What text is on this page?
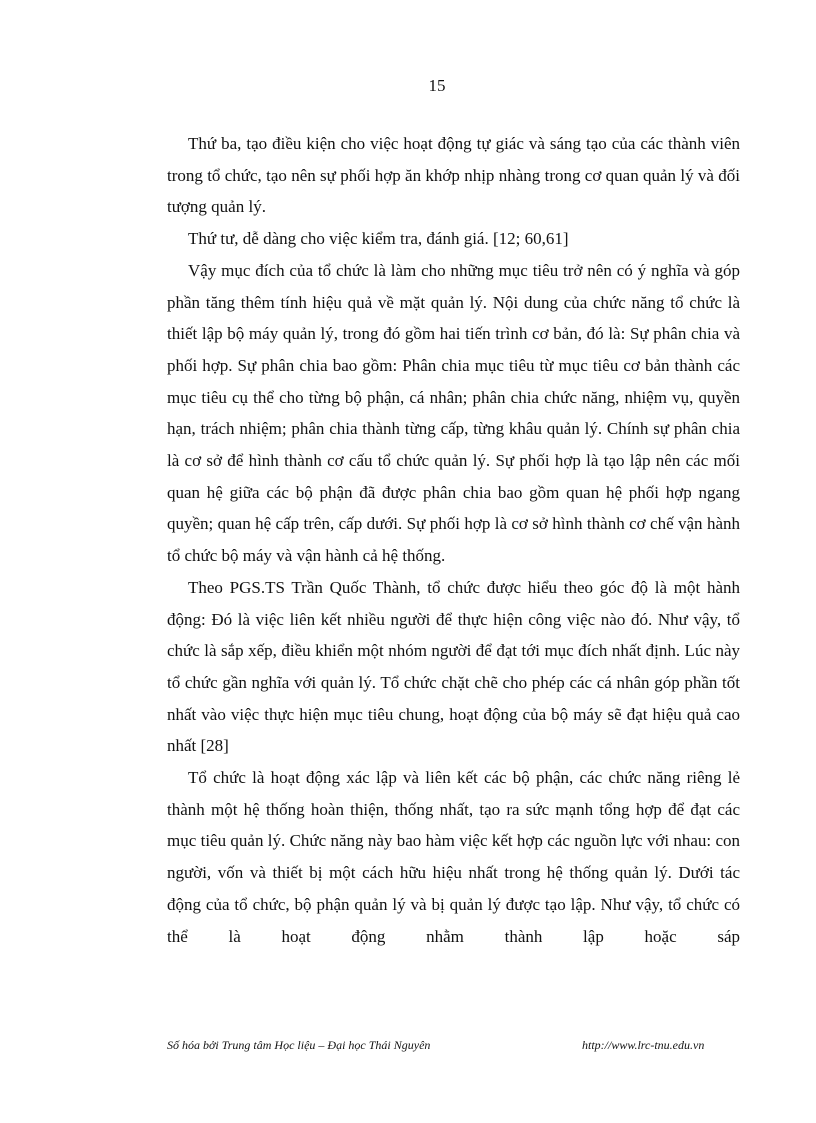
15

Thứ ba, tạo điều kiện cho việc hoạt động tự giác và sáng tạo của các thành viên trong tổ chức, tạo nên sự phối hợp ăn khớp nhịp nhàng trong cơ quan quản lý và đối tượng quản lý.

Thứ tư, dễ dàng cho việc kiểm tra, đánh giá. [12; 60,61]

Vậy mục đích của tổ chức là làm cho những mục tiêu trở nên có ý nghĩa và góp phần tăng thêm tính hiệu quả về mặt quản lý. Nội dung của chức năng tổ chức là thiết lập bộ máy quản lý, trong đó gồm hai tiến trình cơ bản, đó là: Sự phân chia và phối hợp. Sự phân chia bao gồm: Phân chia mục tiêu từ mục tiêu cơ bản thành các mục tiêu cụ thể cho từng bộ phận, cá nhân; phân chia chức năng, nhiệm vụ, quyền hạn, trách nhiệm; phân chia thành từng cấp, từng khâu quản lý. Chính sự phân chia là cơ sở để hình thành cơ cấu tổ chức quản lý. Sự phối hợp là tạo lập nên các mối quan hệ giữa các bộ phận đã được phân chia bao gồm quan hệ phối hợp ngang quyền; quan hệ cấp trên, cấp dưới. Sự phối hợp là cơ sở hình thành cơ chế vận hành tổ chức bộ máy và vận hành cả hệ thống.

Theo PGS.TS Trần Quốc Thành, tổ chức được hiểu theo góc độ là một hành động: Đó là việc liên kết nhiều người để thực hiện công việc nào đó. Như vậy, tổ chức là sắp xếp, điều khiển một nhóm người để đạt tới mục đích nhất định. Lúc này tổ chức gần nghĩa với quản lý. Tổ chức chặt chẽ cho phép các cá nhân góp phần tốt nhất vào việc thực hiện mục tiêu chung, hoạt động của bộ máy sẽ đạt hiệu quả cao nhất [28]

Tổ chức là hoạt động xác lập và liên kết các bộ phận, các chức năng riêng lẻ thành một hệ thống hoàn thiện, thống nhất, tạo ra sức mạnh tổng hợp để đạt các mục tiêu quản lý. Chức năng này bao hàm việc kết hợp các nguồn lực với nhau: con người, vốn và thiết bị một cách hữu hiệu nhất trong hệ thống quản lý. Dưới tác động của tổ chức, bộ phận quản lý và bị quản lý được tạo lập. Như vậy, tổ chức có thể là hoạt động nhằm thành lập hoặc sáp

Số hóa bởi Trung tâm Học liệu – Đại học Thái Nguyên	http://www.lrc-tnu.edu.vn
